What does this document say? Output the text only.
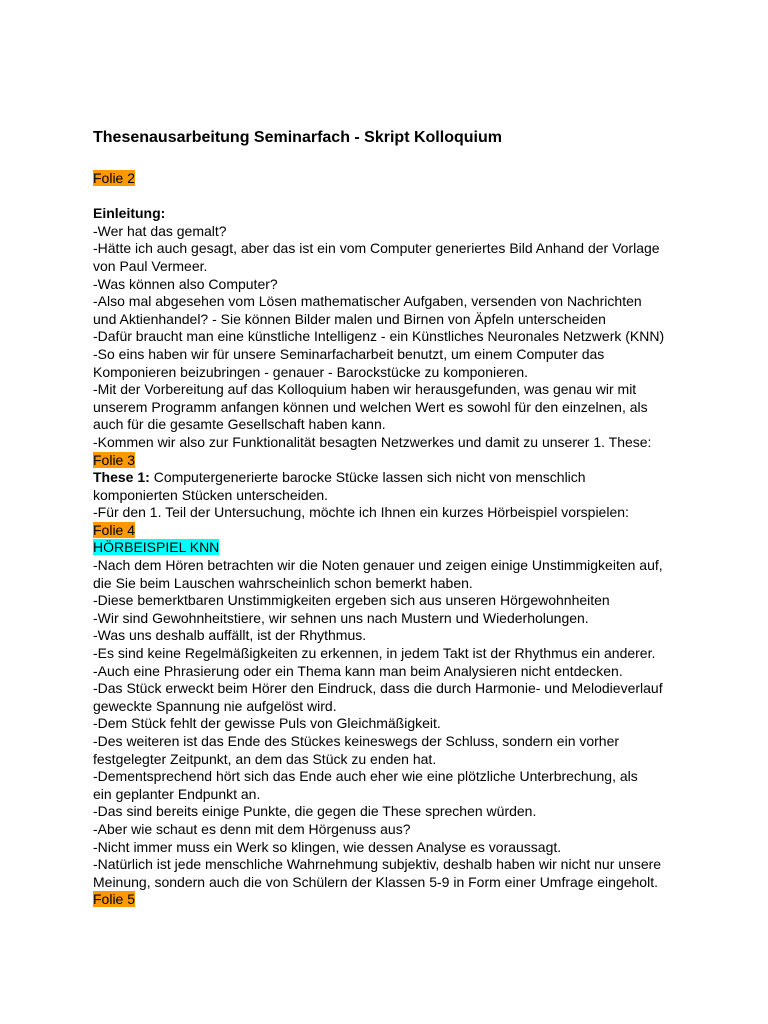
Thesenausarbeitung Seminarfach - Skript Kolloquium
Folie 2
Einleitung:
-Wer hat das gemalt?
-Hätte ich auch gesagt, aber das ist ein vom Computer generiertes Bild Anhand der Vorlage
von Paul Vermeer.
-Was können also Computer?
-Also mal abgesehen vom Lösen mathematischer Aufgaben, versenden von Nachrichten
und Aktienhandel? - Sie können Bilder malen und Birnen von Äpfeln unterscheiden
-Dafür braucht man eine künstliche Intelligenz - ein Künstliches Neuronales Netzwerk (KNN)
-So eins haben wir für unsere Seminarfacharbeit benutzt, um einem Computer das
Komponieren beizubringen - genauer - Barockstücke zu komponieren.
-Mit der Vorbereitung auf das Kolloquium haben wir herausgefunden, was genau wir mit
unserem Programm anfangen können und welchen Wert es sowohl für den einzelnen, als
auch für die gesamte Gesellschaft haben kann.
-Kommen wir also zur Funktionalität besagten Netzwerkes und damit zu unserer 1. These:
Folie 3
These 1: Computergenerierte barocke Stücke lassen sich nicht von menschlich
komponierten Stücken unterscheiden.
-Für den 1. Teil der Untersuchung, möchte ich Ihnen ein kurzes Hörbeispiel vorspielen:
Folie 4
HÖRBEISPIEL KNN
-Nach dem Hören betrachten wir die Noten genauer und zeigen einige Unstimmigkeiten auf,
die Sie beim Lauschen wahrscheinlich schon bemerkt haben.
-Diese bemerktbaren Unstimmigkeiten ergeben sich aus unseren Hörgewohnheiten
-Wir sind Gewohnheitstiere, wir sehnen uns nach Mustern und Wiederholungen.
-Was uns deshalb auffällt, ist der Rhythmus.
-Es sind keine Regelmäßigkeiten zu erkennen, in jedem Takt ist der Rhythmus ein anderer.
-Auch eine Phrasierung oder ein Thema kann man beim Analysieren nicht entdecken.
-Das Stück erweckt beim Hörer den Eindruck, dass die durch Harmonie- und Melodieverlauf
geweckte Spannung nie aufgelöst wird.
-Dem Stück fehlt der gewisse Puls von Gleichmäßigkeit.
-Des weiteren ist das Ende des Stückes keineswegs der Schluss, sondern ein vorher
festgelegter Zeitpunkt, an dem das Stück zu enden hat.
-Dementsprechend hört sich das Ende auch eher wie eine plötzliche Unterbrechung, als
ein geplanter Endpunkt an.
-Das sind bereits einige Punkte, die gegen die These sprechen würden.
-Aber wie schaut es denn mit dem Hörgenuss aus?
-Nicht immer muss ein Werk so klingen, wie dessen Analyse es voraussagt.
-Natürlich ist jede menschliche Wahrnehmung subjektiv, deshalb haben wir nicht nur unsere
Meinung, sondern auch die von Schülern der Klassen 5-9 in Form einer Umfrage eingeholt.
Folie 5
